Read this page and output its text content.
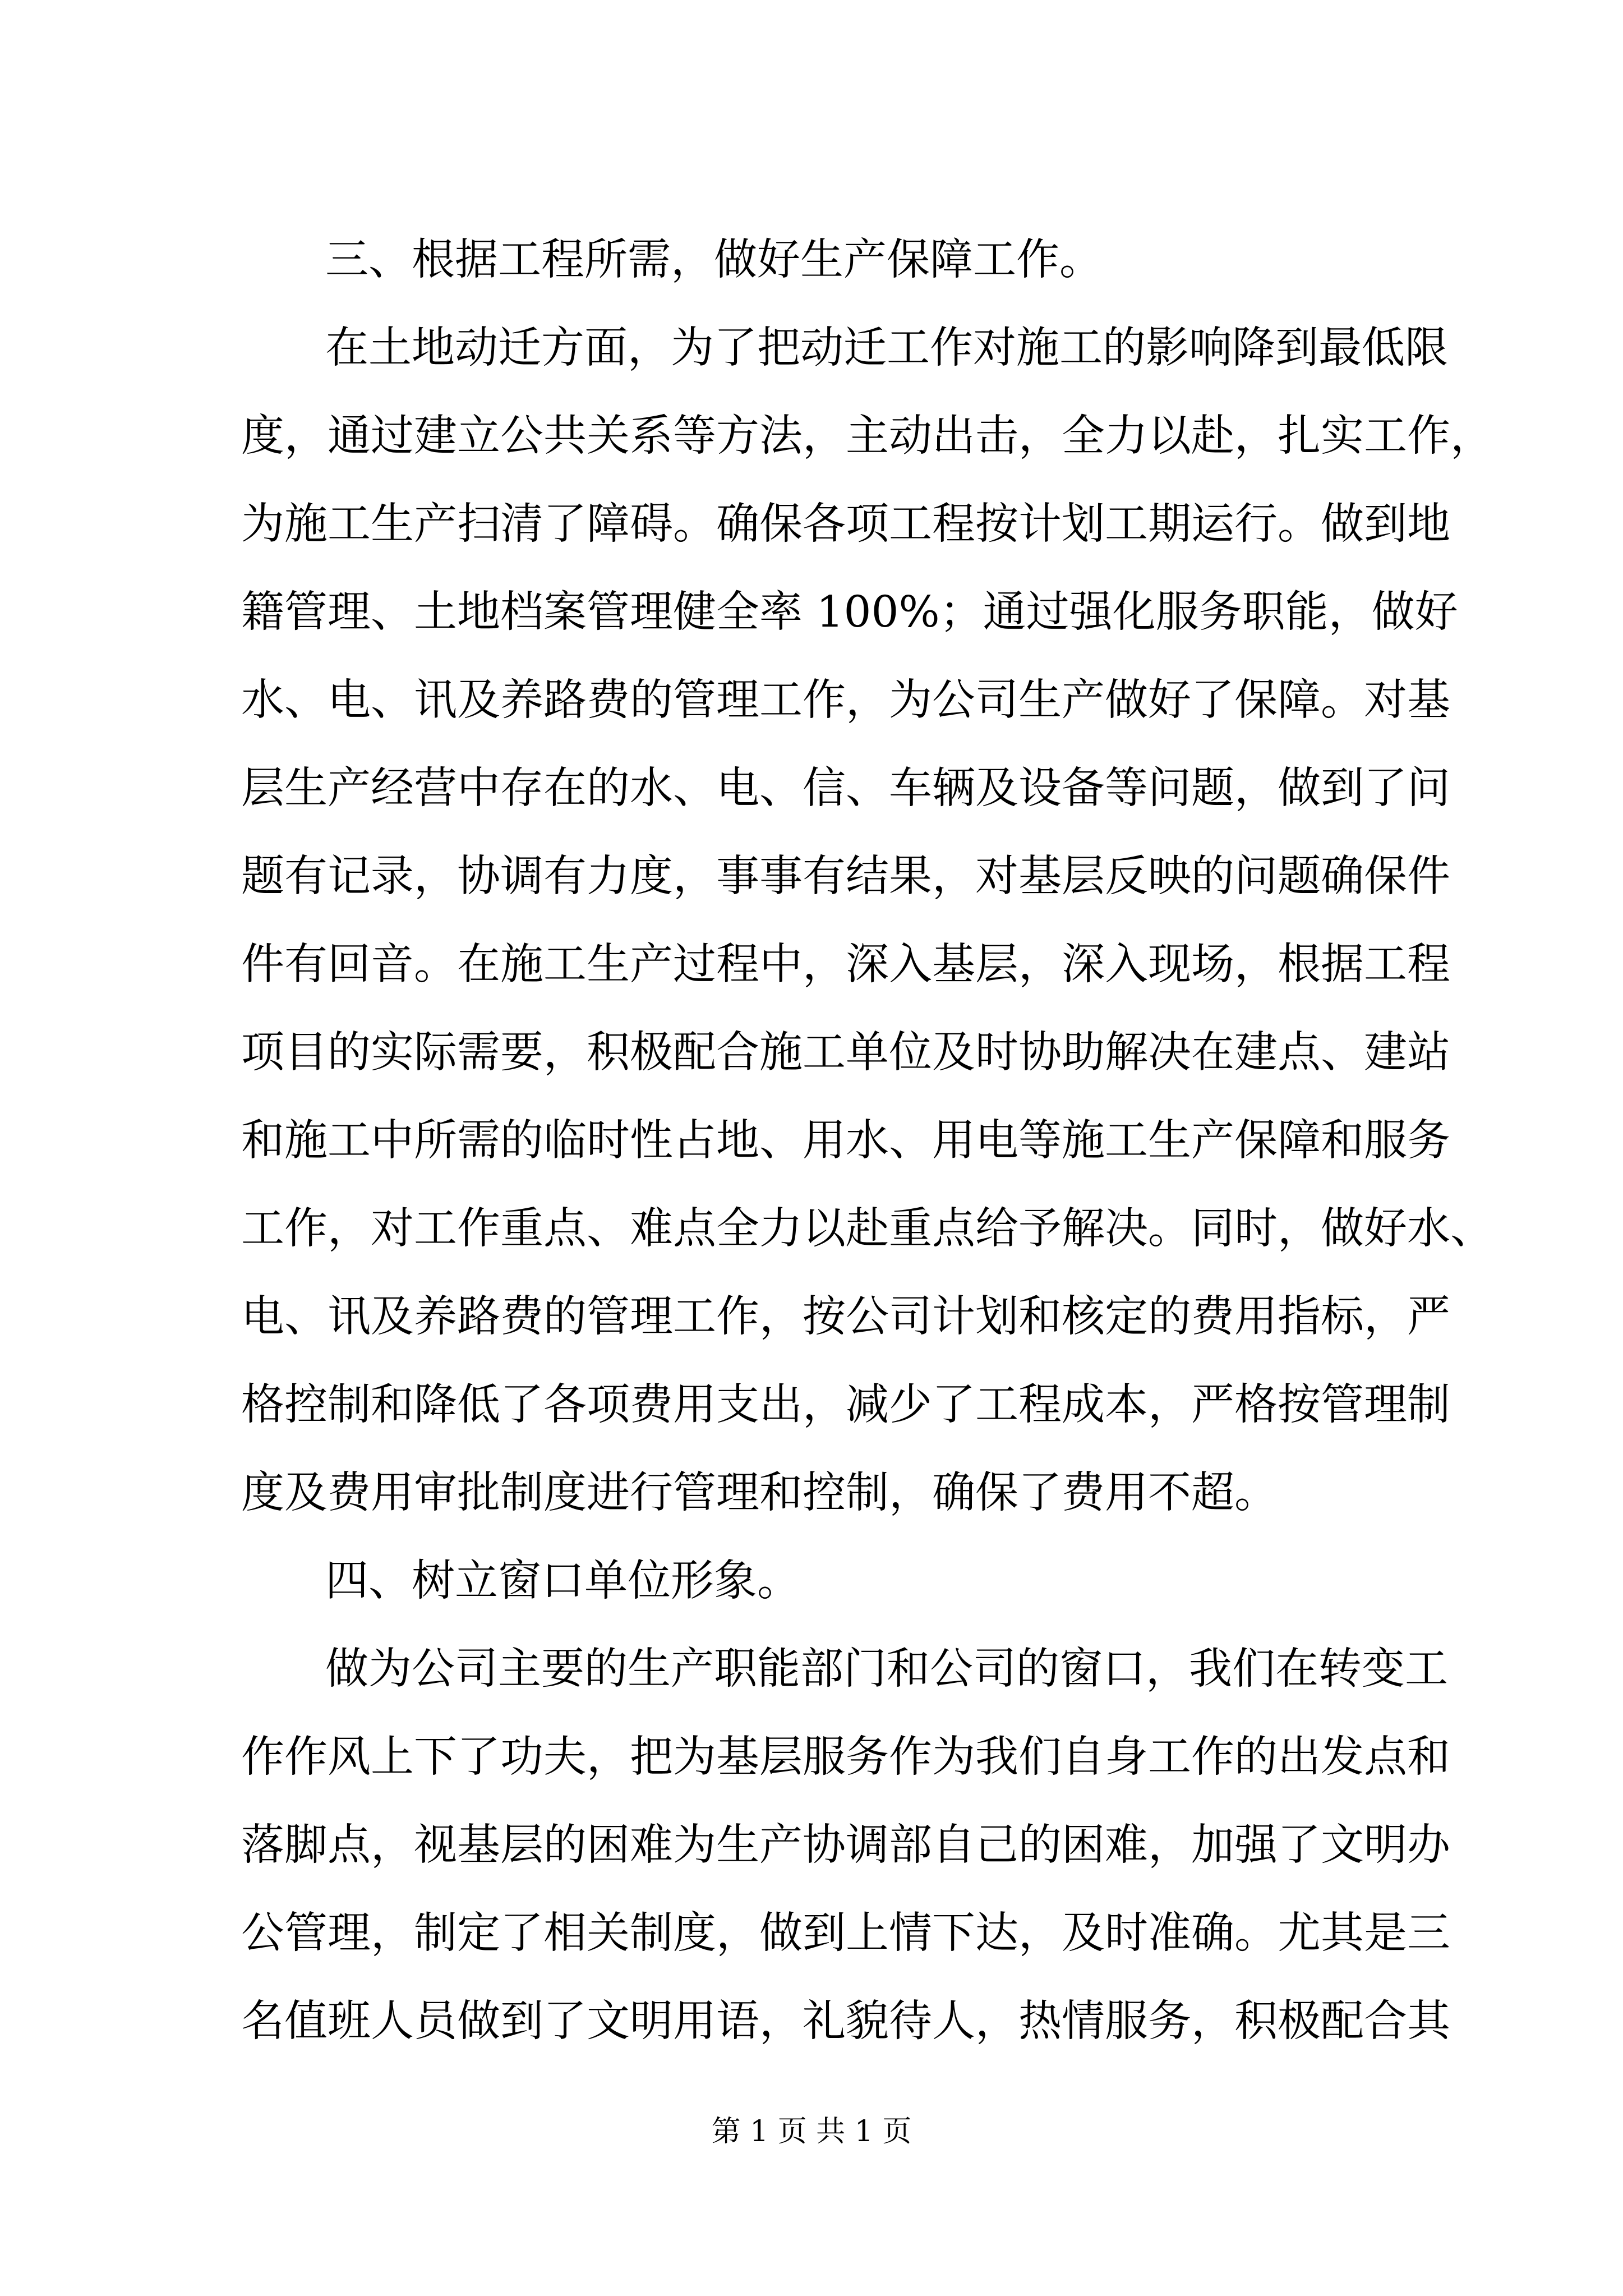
三、根据工程所需，做好生产保障工作。
在土地动迁方面，为了把动迁工作对施工的影响降到最低限
度，通过建立公共关系等方法，主动出击，全力以赴，扎实工作，
为施工生产扫清了障碍。确保各项工程按计划工期运行。做到地
籍管理、土地档案管理健全率 100%；通过强化服务职能，做好
水、电、讯及养路费的管理工作，为公司生产做好了保障。对基
层生产经营中存在的水、电、信、车辆及设备等问题，做到了问
题有记录，协调有力度，事事有结果，对基层反映的问题确保件
件有回音。在施工生产过程中，深入基层，深入现场，根据工程
项目的实际需要，积极配合施工单位及时协助解决在建点、建站
和施工中所需的临时性占地、用水、用电等施工生产保障和服务
工作，对工作重点、难点全力以赴重点给予解决。同时，做好水、
电、讯及养路费的管理工作，按公司计划和核定的费用指标，严
格控制和降低了各项费用支出，减少了工程成本，严格按管理制
度及费用审批制度进行管理和控制，确保了费用不超。
四、树立窗口单位形象。
做为公司主要的生产职能部门和公司的窗口，我们在转变工
作作风上下了功夫，把为基层服务作为我们自身工作的出发点和
落脚点，视基层的困难为生产协调部自己的困难，加强了文明办
公管理，制定了相关制度，做到上情下达，及时准确。尤其是三
名值班人员做到了文明用语，礼貌待人，热情服务，积极配合其
第 1 页 共 1 页
